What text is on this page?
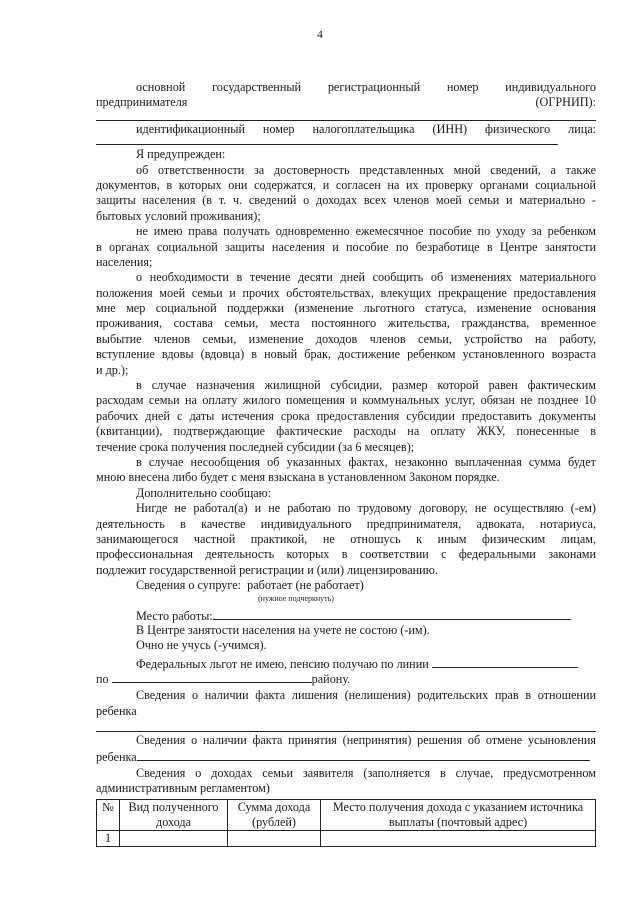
4
основной государственный регистрационный номер индивидуального
предпринимателя	(ОГРНИП):
идентификационный номер налогоплательщика (ИНН) физического лица:
Я предупрежден:
об ответственности за достоверность представленных мной сведений, а также
документов, в которых они содержатся, и согласен на их проверку органами социальной
защиты населения (в т. ч. сведений о доходах всех членов моей семьи и материально -
бытовых условий проживания);
не имею права получать одновременно ежемесячное пособие по уходу за ребенком
в органах социальной защиты населения и пособие по безработице в Центре занятости
населения;
о необходимости в течение десяти дней сообщить об изменениях материального
положения моей семьи и прочих обстоятельствах, влекущих прекращение предоставления
мне мер социальной поддержки (изменение льготного статуса, изменение основания
проживания, состава семьи, места постоянного жительства, гражданства, временное
выбытие членов семьи, изменение доходов членов семьи, устройство на работу,
вступление вдовы (вдовца) в новый брак, достижение ребенком установленного возраста
и др.);
в случае назначения жилищной субсидии, размер которой равен фактическим
расходам семьи на оплату жилого помещения и коммунальных услуг, обязан не позднее 10
рабочих дней с даты истечения срока предоставления субсидии предоставить документы
(квитанции), подтверждающие фактические расходы на оплату ЖКУ, понесенные в
течение срока получения последней субсидии (за 6 месяцев);
в случае несообщения об указанных фактах, незаконно выплаченная сумма будет
мною внесена либо будет с меня взыскана в установленном Законом порядке.
Дополнительно сообщаю:
Нигде не работал(а) и не работаю по трудовому договору, не осуществляю (-ем)
деятельность в качестве индивидуального предпринимателя, адвоката, нотариуса,
занимающегося частной практикой, не отношусь к иным физическим лицам,
профессиональная деятельность которых в соответствии с федеральными законами
подлежит государственной регистрации и (или) лицензированию.
Сведения о супруге: работает (не работает)
(нужное подчеркнуть)
Место работы:
В Центре занятости населения на учете не состою (-им).
Очно не учусь (-учимся).
Федеральных льгот не имею, пенсию получаю по линии
по	району.
Сведения о наличии факта лишения (нелишения) родительских прав в отношении
ребенка
Сведения о наличии факта принятия (непринятия) решения об отмене усыновления
ребенка
Сведения о доходах семьи заявителя (заполняется в случае, предусмотренном
административным регламентом)
№	Вид полученного дохода	Сумма дохода (рублей)	Место получения дохода с указанием источника выплаты (почтовый адрес)
1			
